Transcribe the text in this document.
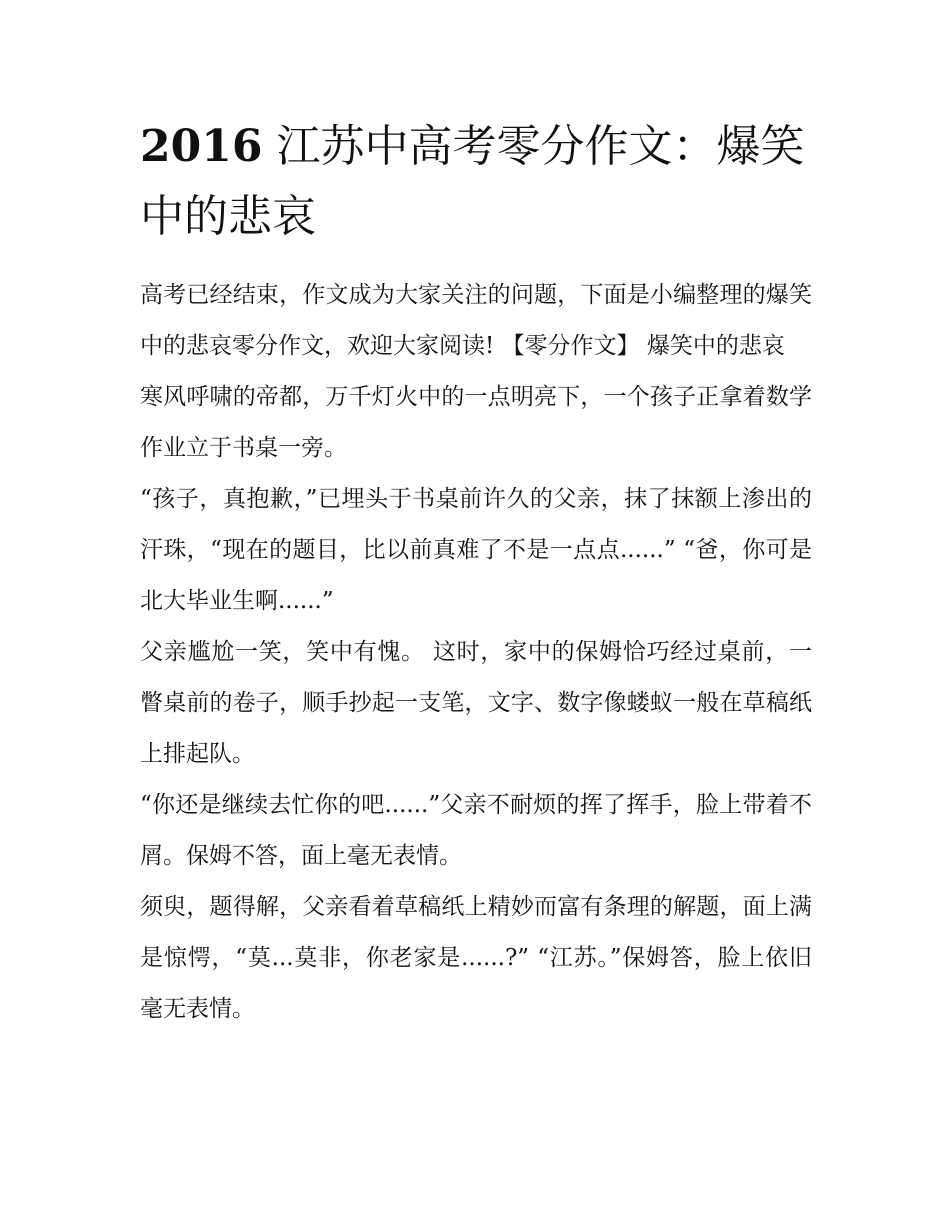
2016 江苏中高考零分作文：爆笑中的悲哀

高考已经结束，作文成为大家关注的问题，下面是小编整理的爆笑中的悲哀零分作文，欢迎大家阅读! 【零分作文】 爆笑中的悲哀

寒风呼啸的帝都，万千灯火中的一点明亮下，一个孩子正拿着数学作业立于书桌一旁。

“孩子，真抱歉，”已埋头于书桌前许久的父亲，抹了抹额上渗出的汗珠，“现在的题目，比以前真难了不是一点点......” “爸，你可是北大毕业生啊......”

父亲尴尬一笑，笑中有愧。 这时，家中的保姆恰巧经过桌前，一瞥桌前的卷子，顺手抄起一支笔，文字、数字像蝼蚁一般在草稿纸上排起队。

“你还是继续去忙你的吧......”父亲不耐烦的挥了挥手，脸上带着不屑。保姆不答，面上毫无表情。

须臾，题得解，父亲看着草稿纸上精妙而富有条理的解题，面上满是惊愕，“莫...莫非，你老家是......?” “江苏。”保姆答，脸上依旧毫无表情。
